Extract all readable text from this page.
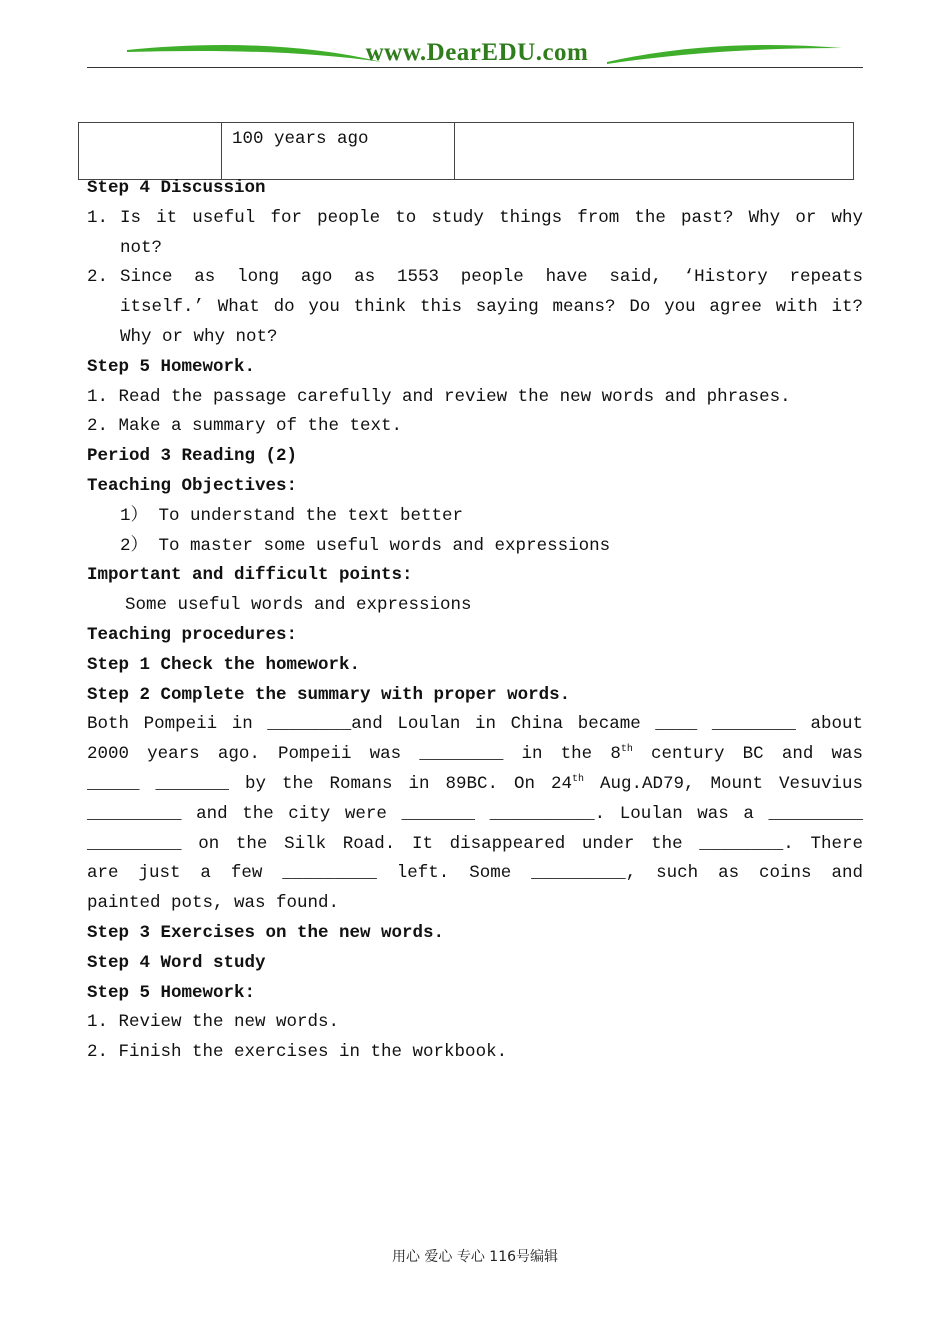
www.DearEDU.com
	100 years ago	
Step 4 Discussion
1. Is it useful for people to study things from the past? Why or why
not?
2. Since as long ago as 1553 people have said, ‘History repeats
itself.’ What do you think this saying means? Do you agree with it?
Why or why not?
Step 5 Homework.
1. Read the passage carefully and review the new words and phrases.
2. Make a summary of the text.
Period 3 Reading (2)
Teaching Objectives:
1） To understand the text better
2） To master some useful words and expressions
Important and difficult points:
Some useful words and expressions
Teaching procedures:
Step 1 Check the homework.
Step 2 Complete the summary with proper words.
Both Pompeii in ________and Loulan in China became ____ ________ about
2000 years ago. Pompeii was ________ in the 8th century BC and was
_____ _______ by the Romans in 89BC. On 24th Aug.AD79, Mount Vesuvius
_________ and the city were _______ __________. Loulan was a _________
_________ on the Silk Road. It disappeared under the ________. There
are just a few _________ left. Some _________, such as coins and
painted pots, was found.
Step 3 Exercises on the new words.
Step 4 Word study
Step 5 Homework:
1. Review the new words.
2. Finish the exercises in the workbook.
用心 爱心 专心 116号编辑
